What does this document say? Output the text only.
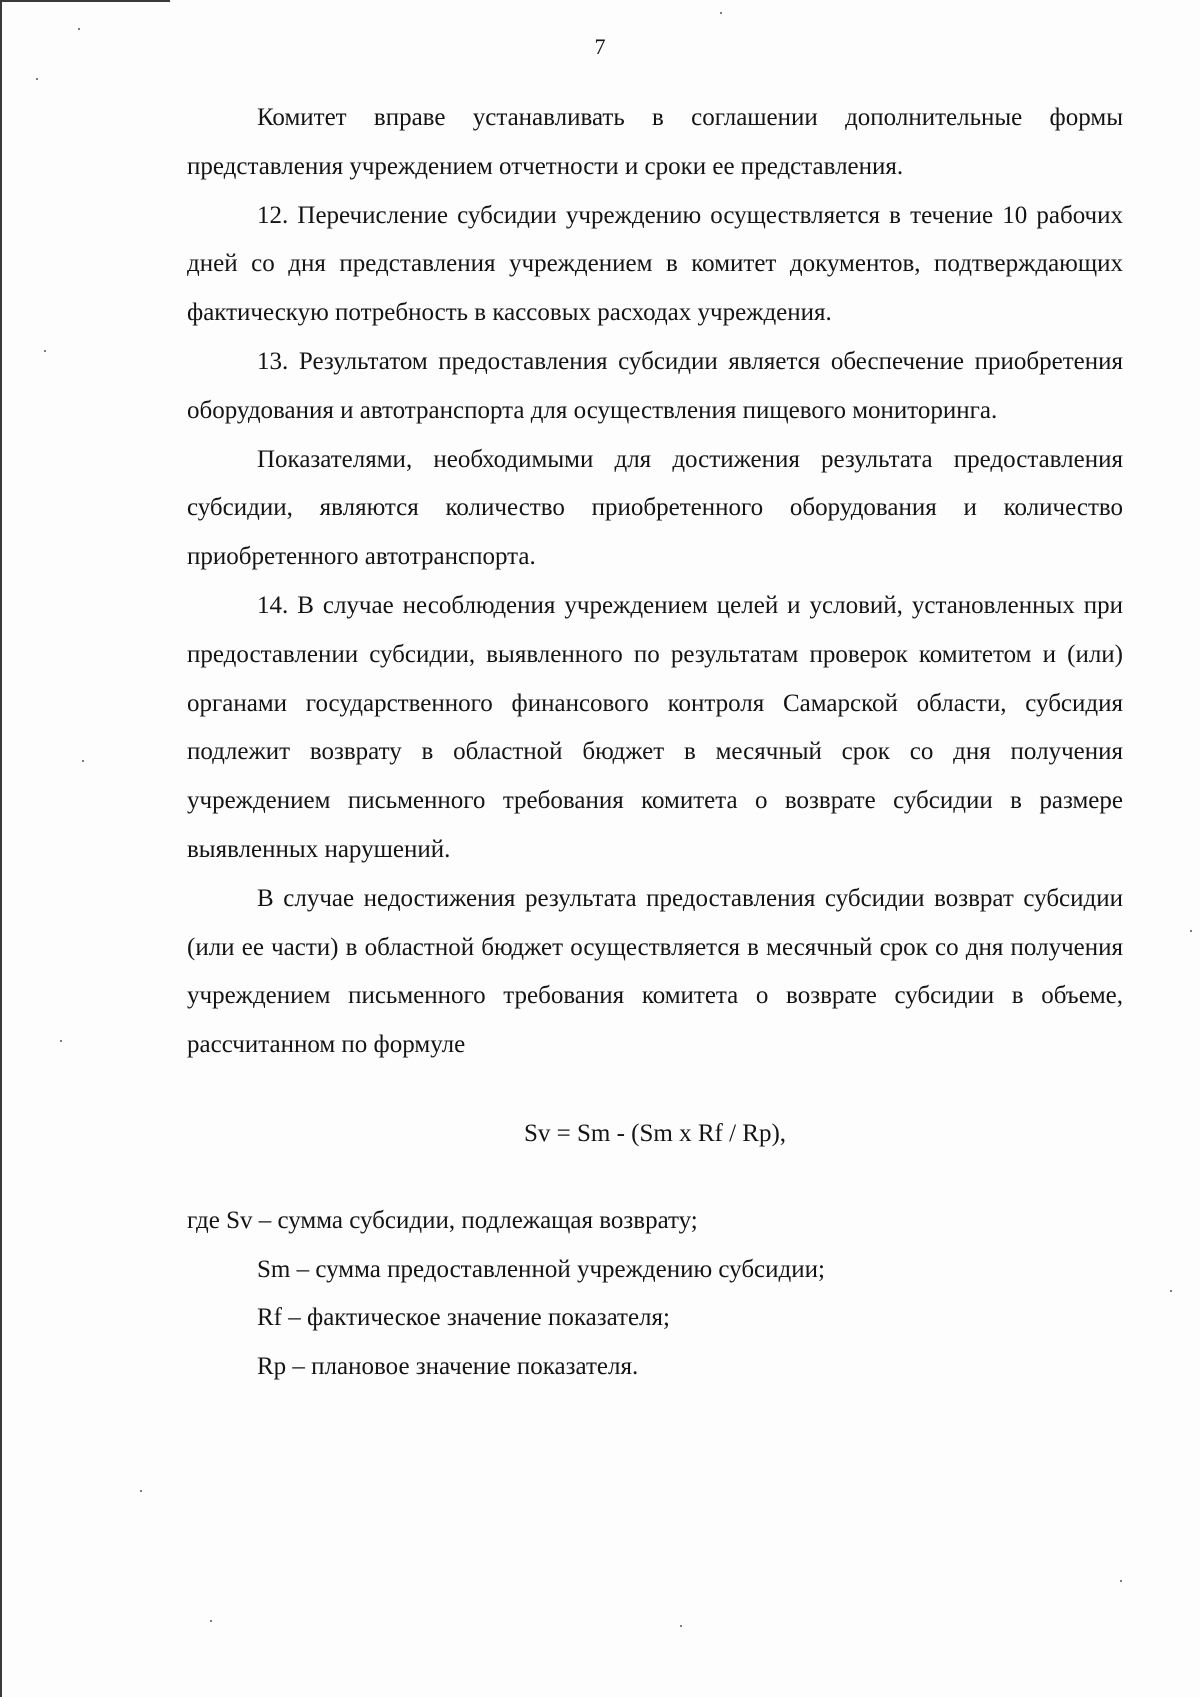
7

Комитет вправе устанавливать в соглашении дополнительные формы представления учреждением отчетности и сроки ее представления.

12. Перечисление субсидии учреждению осуществляется в течение 10 рабочих дней со дня представления учреждением в комитет документов, подтверждающих фактическую потребность в кассовых расходах учреждения.

13. Результатом предоставления субсидии является обеспечение приобретения оборудования и автотранспорта для осуществления пищевого мониторинга.

Показателями, необходимыми для достижения результата предоставления субсидии, являются количество приобретенного оборудования и количество приобретенного автотранспорта.

14. В случае несоблюдения учреждением целей и условий, установленных при предоставлении субсидии, выявленного по результатам проверок комитетом и (или) органами государственного финансового контроля Самарской области, субсидия подлежит возврату в областной бюджет в месячный срок со дня получения учреждением письменного требования комитета о возврате субсидии в размере выявленных нарушений.

В случае недостижения результата предоставления субсидии возврат субсидии (или ее части) в областной бюджет осуществляется в месячный срок со дня получения учреждением письменного требования комитета о возврате субсидии в объеме, рассчитанном по формуле

Sv = Sm - (Sm x Rf / Rp),
где Sv – сумма субсидии, подлежащая возврату;
Sm – сумма предоставленной учреждению субсидии;
Rf – фактическое значение показателя;
Rp – плановое значение показателя.
